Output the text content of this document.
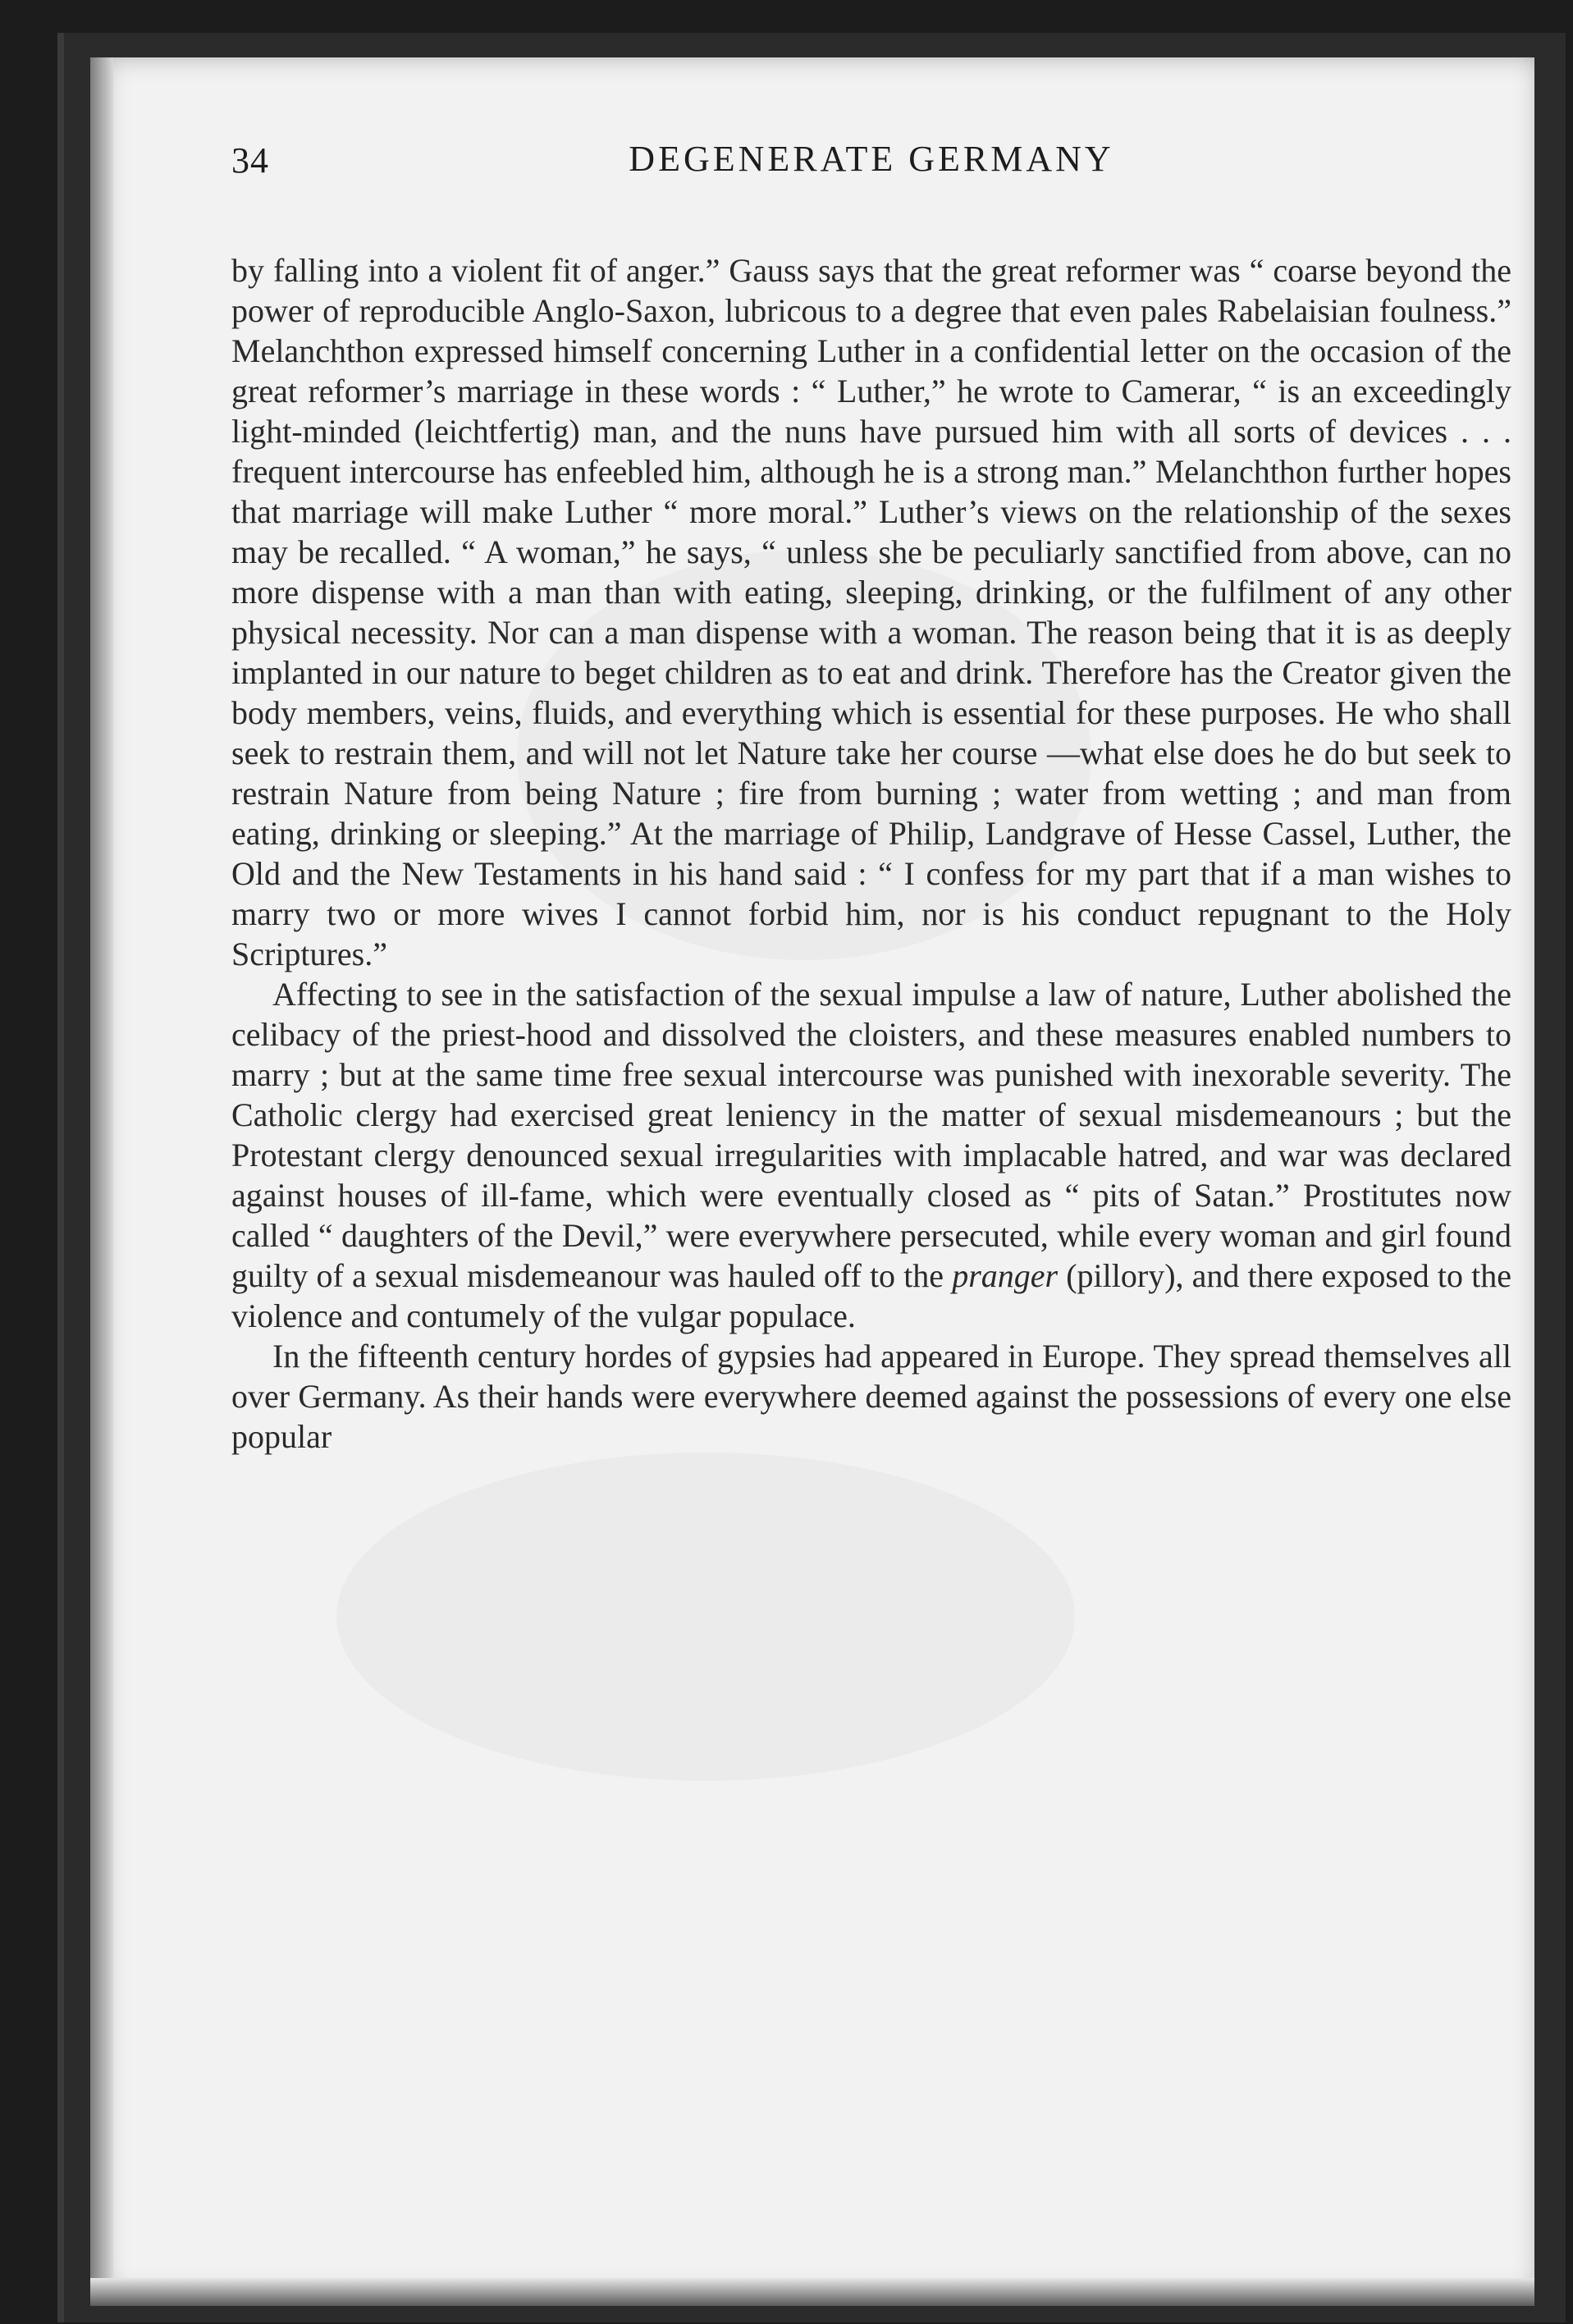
34	DEGENERATE GERMANY

by falling into a violent fit of anger.” Gauss says that the great reformer was “ coarse beyond the power of reproducible Anglo-Saxon, lubricous to a degree that even pales Rabelaisian foulness.” Melanchthon expressed himself concerning Luther in a confidential letter on the occasion of the great reformer’s marriage in these words : “ Luther,” he wrote to Camerar, “ is an exceedingly light-minded (leichtfertig) man, and the nuns have pursued him with all sorts of devices . . . frequent intercourse has enfeebled him, although he is a strong man.” Melanchthon further hopes that marriage will make Luther “ more moral.” Luther’s views on the relationship of the sexes may be recalled. “ A woman,” he says, “ unless she be peculiarly sanctified from above, can no more dispense with a man than with eating, sleeping, drinking, or the fulfilment of any other physical necessity. Nor can a man dispense with a woman. The reason being that it is as deeply implanted in our nature to beget children as to eat and drink. Therefore has the Creator given the body members, veins, fluids, and everything which is essential for these purposes. He who shall seek to restrain them, and will not let Nature take her course —what else does he do but seek to restrain Nature from being Nature ; fire from burning ; water from wetting ; and man from eating, drinking or sleeping.” At the marriage of Philip, Landgrave of Hesse Cassel, Luther, the Old and the New Testaments in his hand said : “ I confess for my part that if a man wishes to marry two or more wives I cannot forbid him, nor is his conduct repugnant to the Holy Scriptures.”

Affecting to see in the satisfaction of the sexual impulse a law of nature, Luther abolished the celibacy of the priest-hood and dissolved the cloisters, and these measures enabled numbers to marry ; but at the same time free sexual intercourse was punished with inexorable severity. The Catholic clergy had exercised great leniency in the matter of sexual misdemeanours ; but the Protestant clergy denounced sexual irregularities with implacable hatred, and war was declared against houses of ill-fame, which were eventually closed as “ pits of Satan.” Prostitutes now called “ daughters of the Devil,” were everywhere persecuted, while every woman and girl found guilty of a sexual misdemeanour was hauled off to the pranger (pillory), and there exposed to the violence and contumely of the vulgar populace.

In the fifteenth century hordes of gypsies had appeared in Europe. They spread themselves all over Germany. As their hands were everywhere deemed against the possessions of every one else popular
